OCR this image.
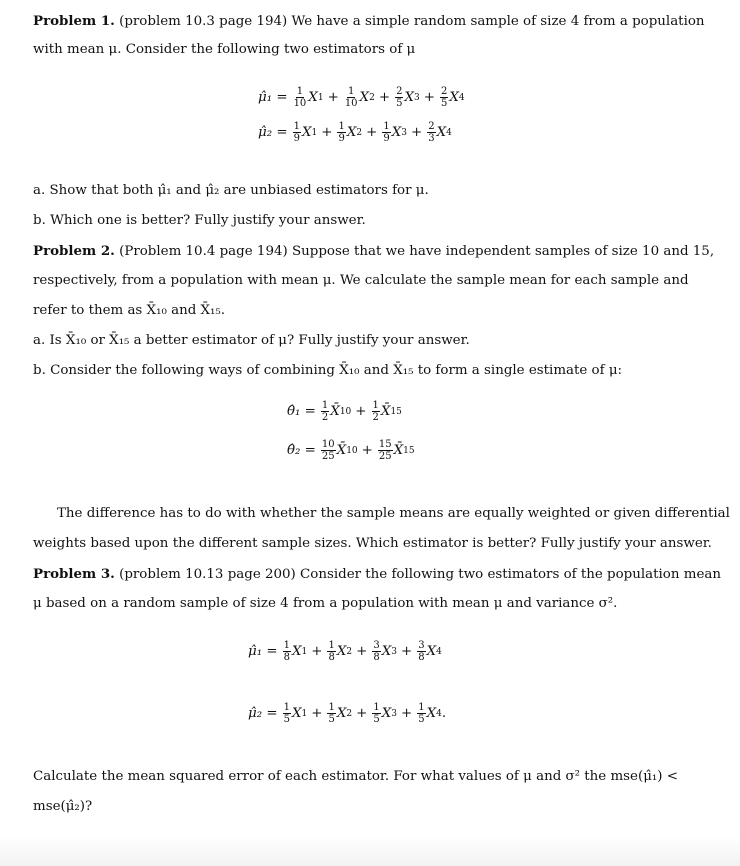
Problem 1. (problem 10.3 page 194) We have a simple random sample of size 4 from a population
with mean μ. Consider the following two estimators of μ
μ̂₁ = $\frac{1}{10}$ X $1 + \frac{1}{10}$ X $2 + \frac{2}{5}$ X $3 + \frac{2}{5}$ X 4
μ̂₂ = $\frac{1}{9}$ X $1 + \frac{1}{9}$ X $2 + \frac{1}{9}$ X $3 + \frac{2}{3}$ X 4
a. Show that both μ̂₁ and μ̂₂ are unbiased estimators for μ.
b. Which one is better? Fully justify your answer.
Problem 2. (Problem 10.4 page 194) Suppose that we have independent samples of size 10 and 15,
respectively, from a population with mean μ. We calculate the sample mean for each sample and
refer to them as X̄₁₀ and X̄₁₅.
a. Is X̄₁₀ or X̄₁₅ a better estimator of μ? Fully justify your answer.
b. Consider the following ways of combining X̄₁₀ and X̄₁₅ to form a single estimate of μ:
θ̂₁ = $\frac{1}{2}$ X̄ $10 + \frac{1}{2}$ X̄ 15
θ̂₂ = $\frac{10}{25}$ X̄ $10 + \frac{15}{25}$ X̄ 15
The difference has to do with whether the sample means are equally weighted or given differential
weights based upon the different sample sizes. Which estimator is better? Fully justify your answer.
Problem 3. (problem 10.13 page 200) Consider the following two estimators of the population mean
μ based on a random sample of size 4 from a population with mean μ and variance σ².
μ̂₁ = $\frac{1}{8}$ X $1 + \frac{1}{8}$ X $2 + \frac{3}{8}$ X $3 + \frac{3}{8}$ X 4
μ̂₂ = $\frac{1}{5}$ X $1 + \frac{1}{5}$ X $2 + \frac{1}{5}$ X $3 + \frac{1}{5}$ X 4 .
Calculate the mean squared error of each estimator. For what values of μ and σ² the mse(μ̂₁) <
mse(μ̂₂)?
